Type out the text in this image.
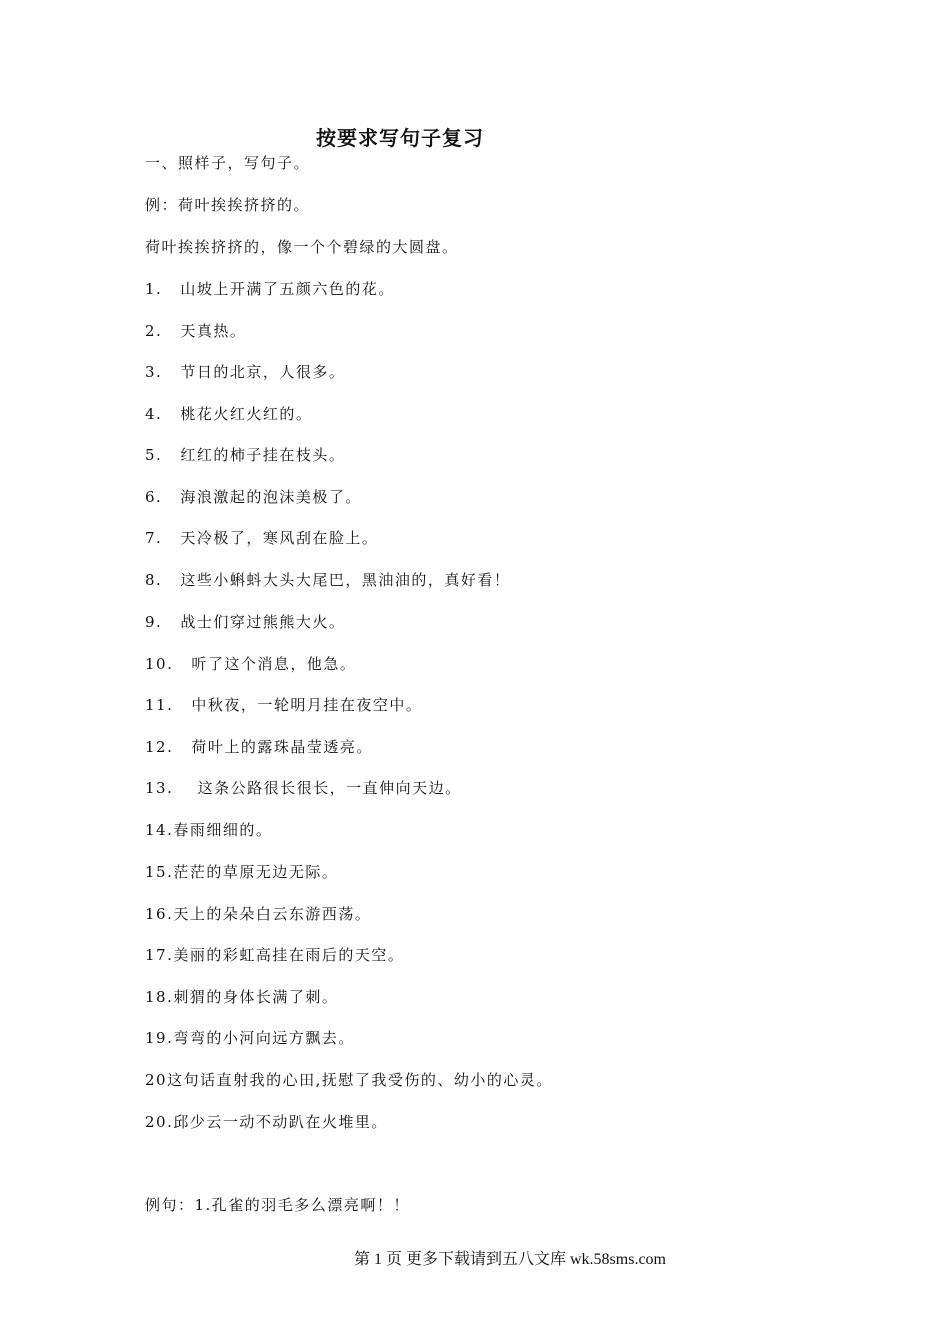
按要求写句子复习
一、照样子，写句子。
例：荷叶挨挨挤挤的。
荷叶挨挨挤挤的，像一个个碧绿的大圆盘。
1. 山坡上开满了五颜六色的花。
2. 天真热。
3. 节日的北京，人很多。
4. 桃花火红火红的。
5. 红红的柿子挂在枝头。
6. 海浪激起的泡沫美极了。
7. 天冷极了，寒风刮在脸上。
8. 这些小蝌蚪大头大尾巴，黑油油的，真好看！
9. 战士们穿过熊熊大火。
10. 听了这个消息，他急。
11. 中秋夜，一轮明月挂在夜空中。
12. 荷叶上的露珠晶莹透亮。
13. 这条公路很长很长，一直伸向天边。
14.春雨细细的。
15.茫茫的草原无边无际。
16.天上的朵朵白云东游西荡。
17.美丽的彩虹高挂在雨后的天空。
18.刺猬的身体长满了刺。
19.弯弯的小河向远方飘去。
20这句话直射我的心田,抚慰了我受伤的、幼小的心灵。
20.邱少云一动不动趴在火堆里。
例句：1.孔雀的羽毛多么漂亮啊！！
第 1 页 更多下载请到五八文库 wk.58sms.com
